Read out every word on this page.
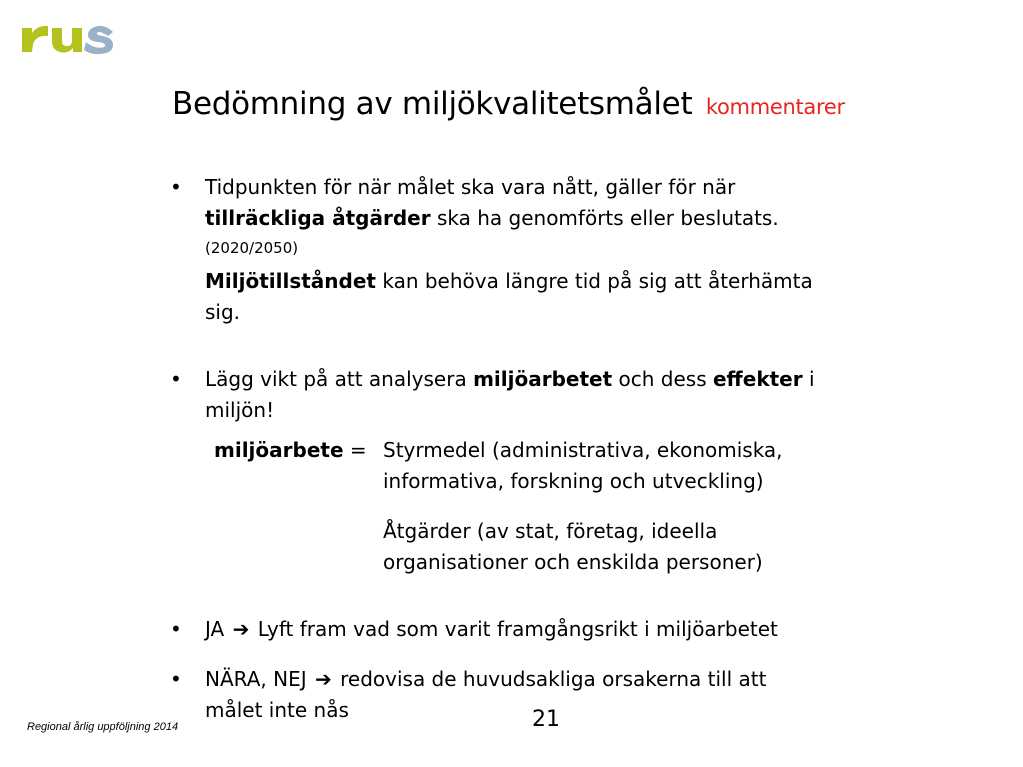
Bedömning av miljökvalitetsmålet kommentarer
• Tidpunkten för när målet ska vara nått, gäller för när
tillräckliga åtgärder ska ha genomförts eller beslutats.
(2020/2050)
Miljötillståndet kan behöva längre tid på sig att återhämta
sig.
• Lägg vikt på att analysera miljöarbetet och dess effekter i
miljön!
miljöarbete = Styrmedel (administrativa, ekonomiska,
informativa, forskning och utveckling)
Åtgärder (av stat, företag, ideella
organisationer och enskilda personer)
• JA ➔ Lyft fram vad som varit framgångsrikt i miljöarbetet
• NÄRA, NEJ ➔ redovisa de huvudsakliga orsakerna till att
målet inte nås
Regional årlig uppföljning 2014	21
